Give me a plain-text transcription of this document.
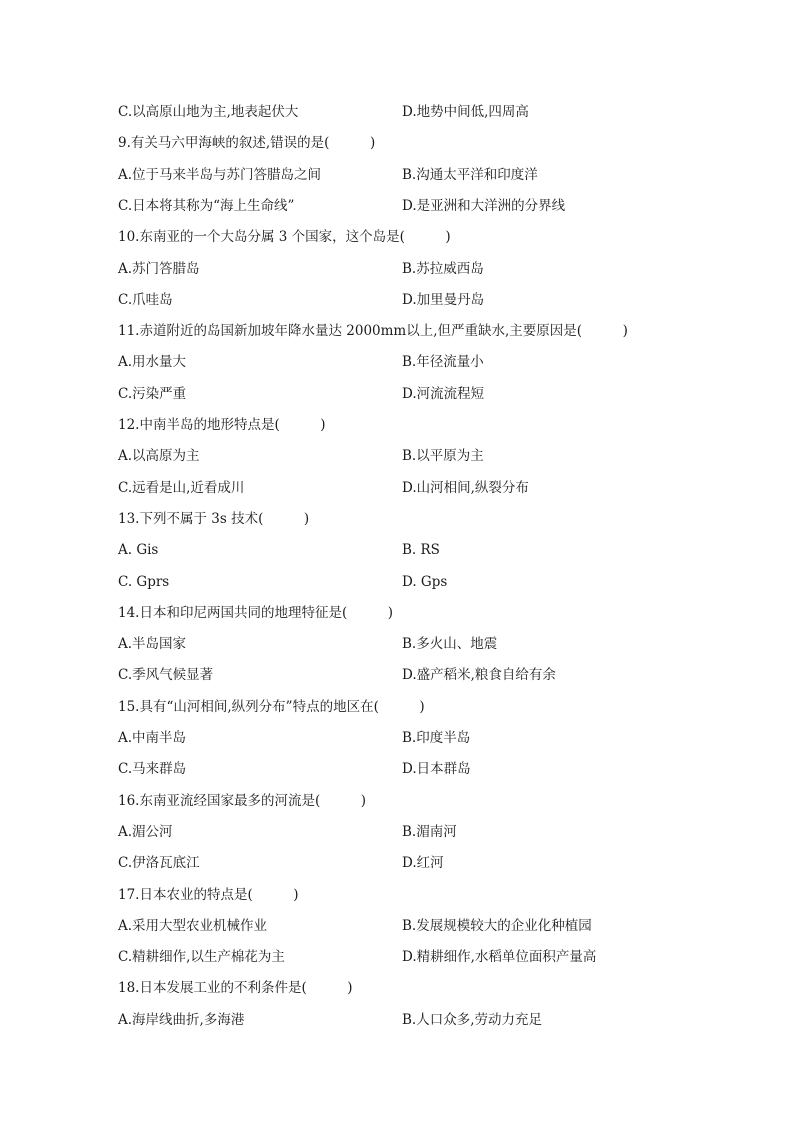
C.以高原山地为主,地表起伏大	D.地势中间低,四周高
9.有关马六甲海峡的叙述,错误的是(　　　)
A.位于马来半岛与苏门答腊岛之间	B.沟通太平洋和印度洋
C.日本将其称为“海上生命线”	D.是亚洲和大洋洲的分界线
10.东南亚的一个大岛分属 3 个国家，这个岛是(　　　)
A.苏门答腊岛	B.苏拉威西岛
C.爪哇岛	D.加里曼丹岛
11.赤道附近的岛国新加坡年降水量达 2000mm以上,但严重缺水,主要原因是(　　　)
A.用水量大	B.年径流量小
C.污染严重	D.河流流程短
12.中南半岛的地形特点是(　　　)
A.以高原为主	B.以平原为主
C.远看是山,近看成川	D.山河相间,纵裂分布
13.下列不属于 3s 技术(　　　)
A. Gis	B. RS
C. Gprs	D. Gps
14.日本和印尼两国共同的地理特征是(　　　)
A.半岛国家	B.多火山、地震
C.季风气候显著	D.盛产稻米,粮食自给有余
15.具有“山河相间,纵列分布”特点的地区在(　　　)
A.中南半岛	B.印度半岛
C.马来群岛	D.日本群岛
16.东南亚流经国家最多的河流是(　　　)
A.湄公河	B.湄南河
C.伊洛瓦底江	D.红河
17.日本农业的特点是(　　　)
A.采用大型农业机械作业	B.发展规模较大的企业化种植园
C.精耕细作,以生产棉花为主	D.精耕细作,水稻单位面积产量高
18.日本发展工业的不利条件是(　　　)
A.海岸线曲折,多海港	B.人口众多,劳动力充足
